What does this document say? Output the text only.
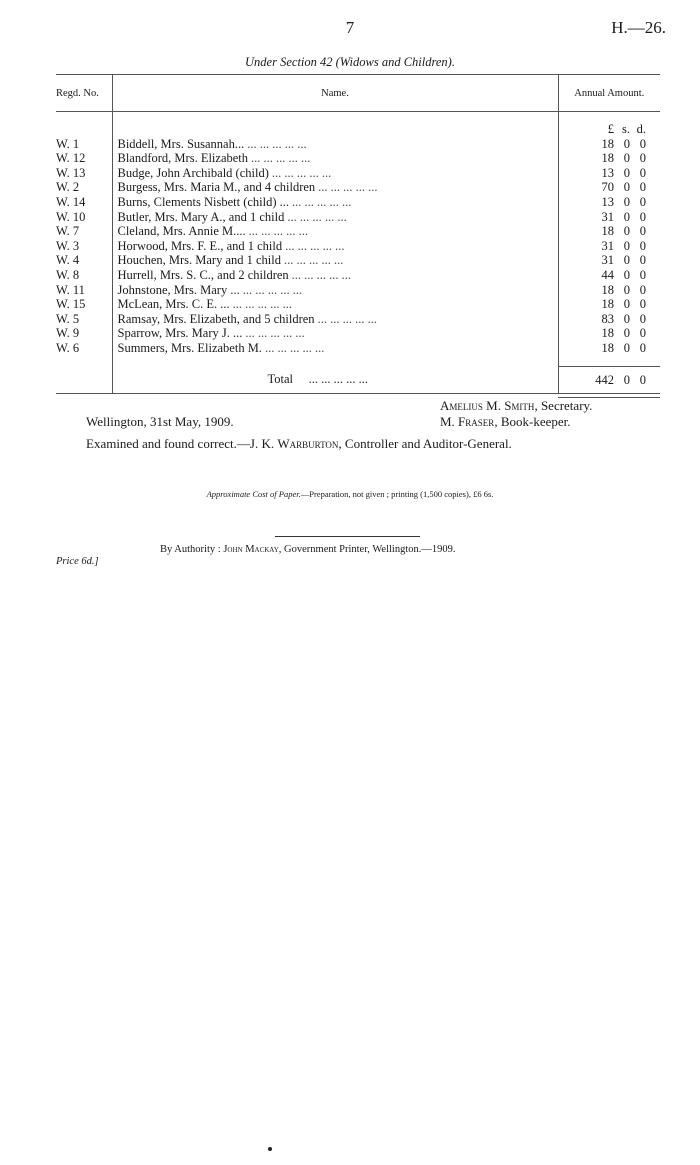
7	H.—26.
Under Section 42 (Widows and Children).
Regd. No.	Name.	Annual Amount.

		£ s. d.

W. 1	Biddell, Mrs. Susannah... ... ... ... ... ...	18 0 0

W. 12	Blandford, Mrs. Elizabeth ... ... ... ... ...	18 0 0

W. 13	Budge, John Archibald (child) ... ... ... ... ...	13 0 0

W. 2	Burgess, Mrs. Maria M., and 4 children ... ... ... ... ...	70 0 0

W. 14	Burns, Clements Nisbett (child) ... ... ... ... ... ...	13 0 0

W. 10	Butler, Mrs. Mary A., and 1 child ... ... ... ... ...	31 0 0

W. 7	Cleland, Mrs. Annie M.... ... ... ... ... ...	18 0 0

W. 3	Horwood, Mrs. F. E., and 1 child ... ... ... ... ...	31 0 0

W. 4	Houchen, Mrs. Mary and 1 child ... ... ... ... ...	31 0 0

W. 8	Hurrell, Mrs. S. C., and 2 children ... ... ... ... ...	44 0 0

W. 11	Johnstone, Mrs. Mary ... ... ... ... ... ...	18 0 0

W. 15	McLean, Mrs. C. E. ... ... ... ... ... ...	18 0 0

W. 5	Ramsay, Mrs. Elizabeth, and 5 children ... ... ... ... ...	83 0 0

W. 9	Sparrow, Mrs. Mary J. ... ... ... ... ... ...	18 0 0

W. 6	Summers, Mrs. Elizabeth M. ... ... ... ... ...	18 0 0

	Total ... ... ... ... ...	442 0 0
Amelius M. Smith, Secretary.
Wellington, 31st May, 1909.	M. Fraser, Book-keeper.
Examined and found correct.—J. K. Warburton, Controller and Auditor-General.
Approximate Cost of Paper.—Preparation, not given ; printing (1,500 copies), £6 6s.
By Authority : John Mackay, Government Printer, Wellington.—1909.
Price 6d.]
